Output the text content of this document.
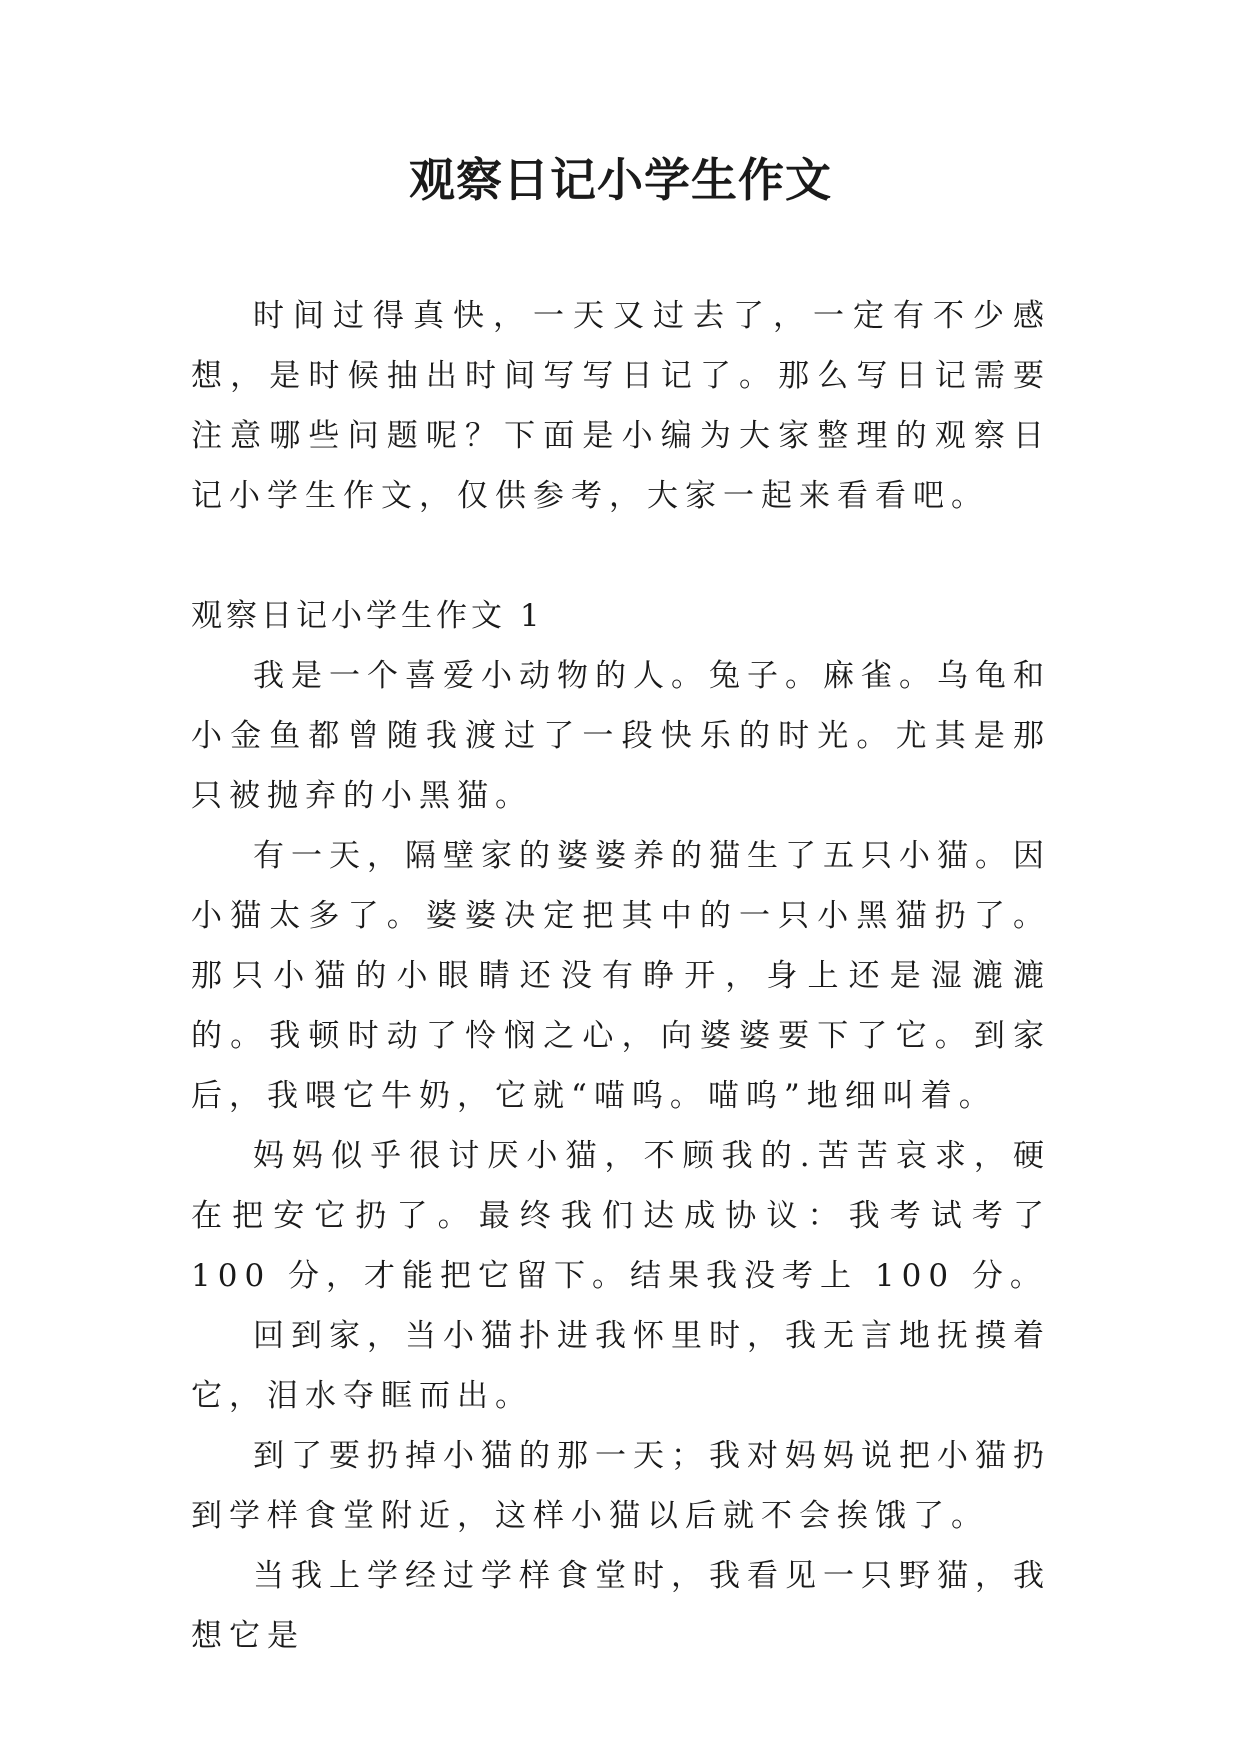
观察日记小学生作文

时间过得真快，一天又过去了，一定有不少感想，是时候抽出时间写写日记了。那么写日记需要注意哪些问题呢？下面是小编为大家整理的观察日记小学生作文，仅供参考，大家一起来看看吧。

观察日记小学生作文 1

我是一个喜爱小动物的人。兔子。麻雀。乌龟和小金鱼都曾随我渡过了一段快乐的时光。尤其是那只被抛弃的小黑猫。

有一天，隔壁家的婆婆养的猫生了五只小猫。因小猫太多了。婆婆决定把其中的一只小黑猫扔了。那只小猫的小眼睛还没有睁开，身上还是湿漉漉的。我顿时动了怜悯之心，向婆婆要下了它。到家后，我喂它牛奶，它就“喵呜。喵呜”地细叫着。

妈妈似乎很讨厌小猫，不顾我的.苦苦哀求，硬在把安它扔了。最终我们达成协议：我考试考了 100 分，才能把它留下。结果我没考上 100 分。

回到家，当小猫扑进我怀里时，我无言地抚摸着它，泪水夺眶而出。

到了要扔掉小猫的那一天；我对妈妈说把小猫扔到学样食堂附近，这样小猫以后就不会挨饿了。

当我上学经过学样食堂时，我看见一只野猫，我想它是
